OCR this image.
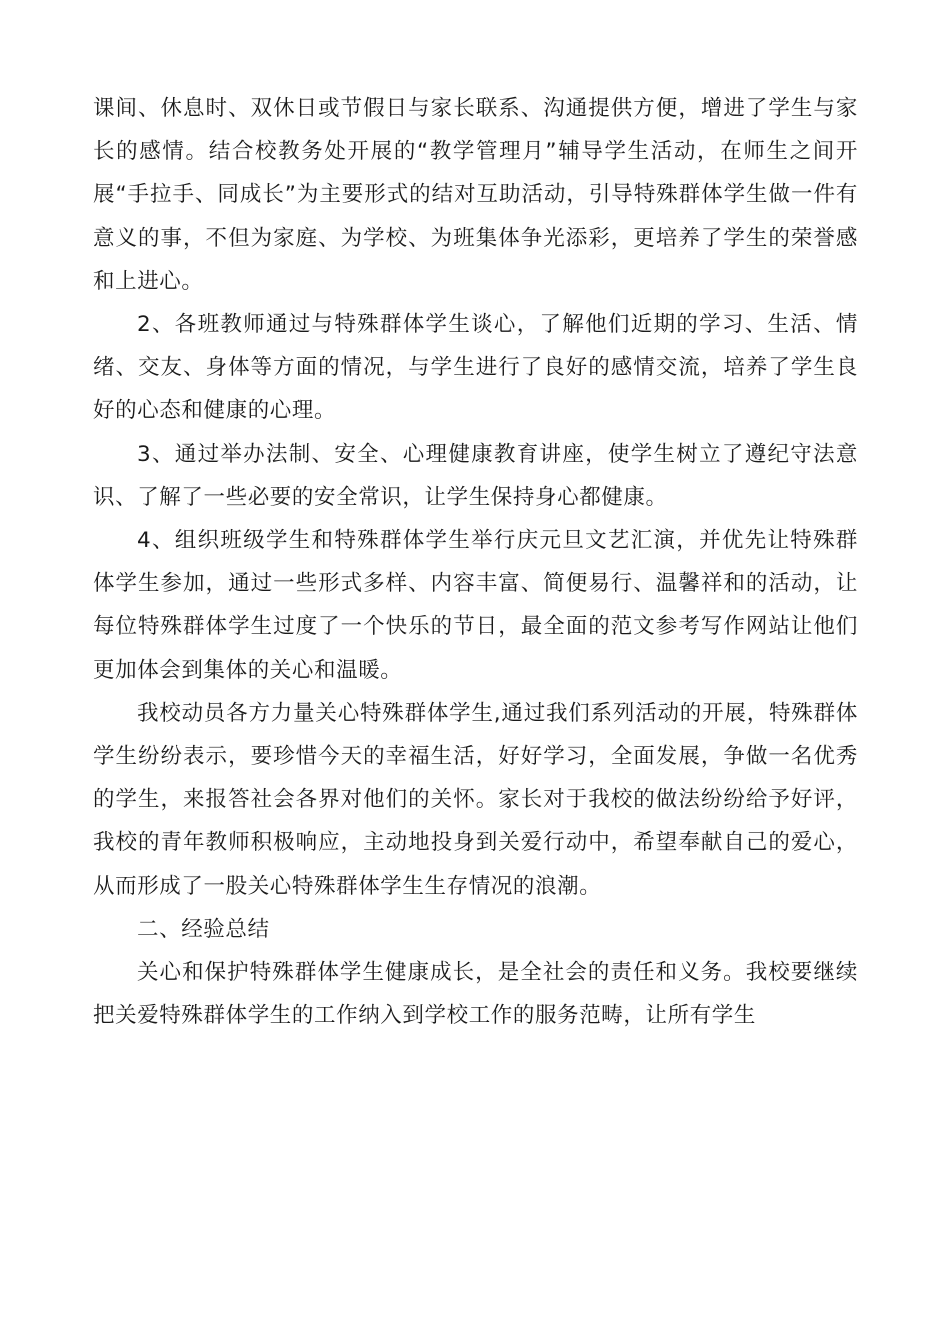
课间、休息时、双休日或节假日与家长联系、沟通提供方便，增进了学生与家长的感情。结合校教务处开展的“教学管理月”辅导学生活动，在师生之间开展“手拉手、同成长”为主要形式的结对互助活动，引导特殊群体学生做一件有意义的事，不但为家庭、为学校、为班集体争光添彩，更培养了学生的荣誉感和上进心。

2、各班教师通过与特殊群体学生谈心，了解他们近期的学习、生活、情绪、交友、身体等方面的情况，与学生进行了良好的感情交流，培养了学生良好的心态和健康的心理。

3、通过举办法制、安全、心理健康教育讲座，使学生树立了遵纪守法意识、了解了一些必要的安全常识，让学生保持身心都健康。

4、组织班级学生和特殊群体学生举行庆元旦文艺汇演，并优先让特殊群体学生参加，通过一些形式多样、内容丰富、简便易行、温馨祥和的活动，让每位特殊群体学生过度了一个快乐的节日，最全面的范文参考写作网站让他们更加体会到集体的关心和温暖。

我校动员各方力量关心特殊群体学生,通过我们系列活动的开展，特殊群体学生纷纷表示，要珍惜今天的幸福生活，好好学习，全面发展，争做一名优秀的学生，来报答社会各界对他们的关怀。家长对于我校的做法纷纷给予好评，我校的青年教师积极响应，主动地投身到关爱行动中，希望奉献自己的爱心，从而形成了一股关心特殊群体学生生存情况的浪潮。

二、经验总结

关心和保护特殊群体学生健康成长，是全社会的责任和义务。我校要继续把关爱特殊群体学生的工作纳入到学校工作的服务范畴，让所有学生
